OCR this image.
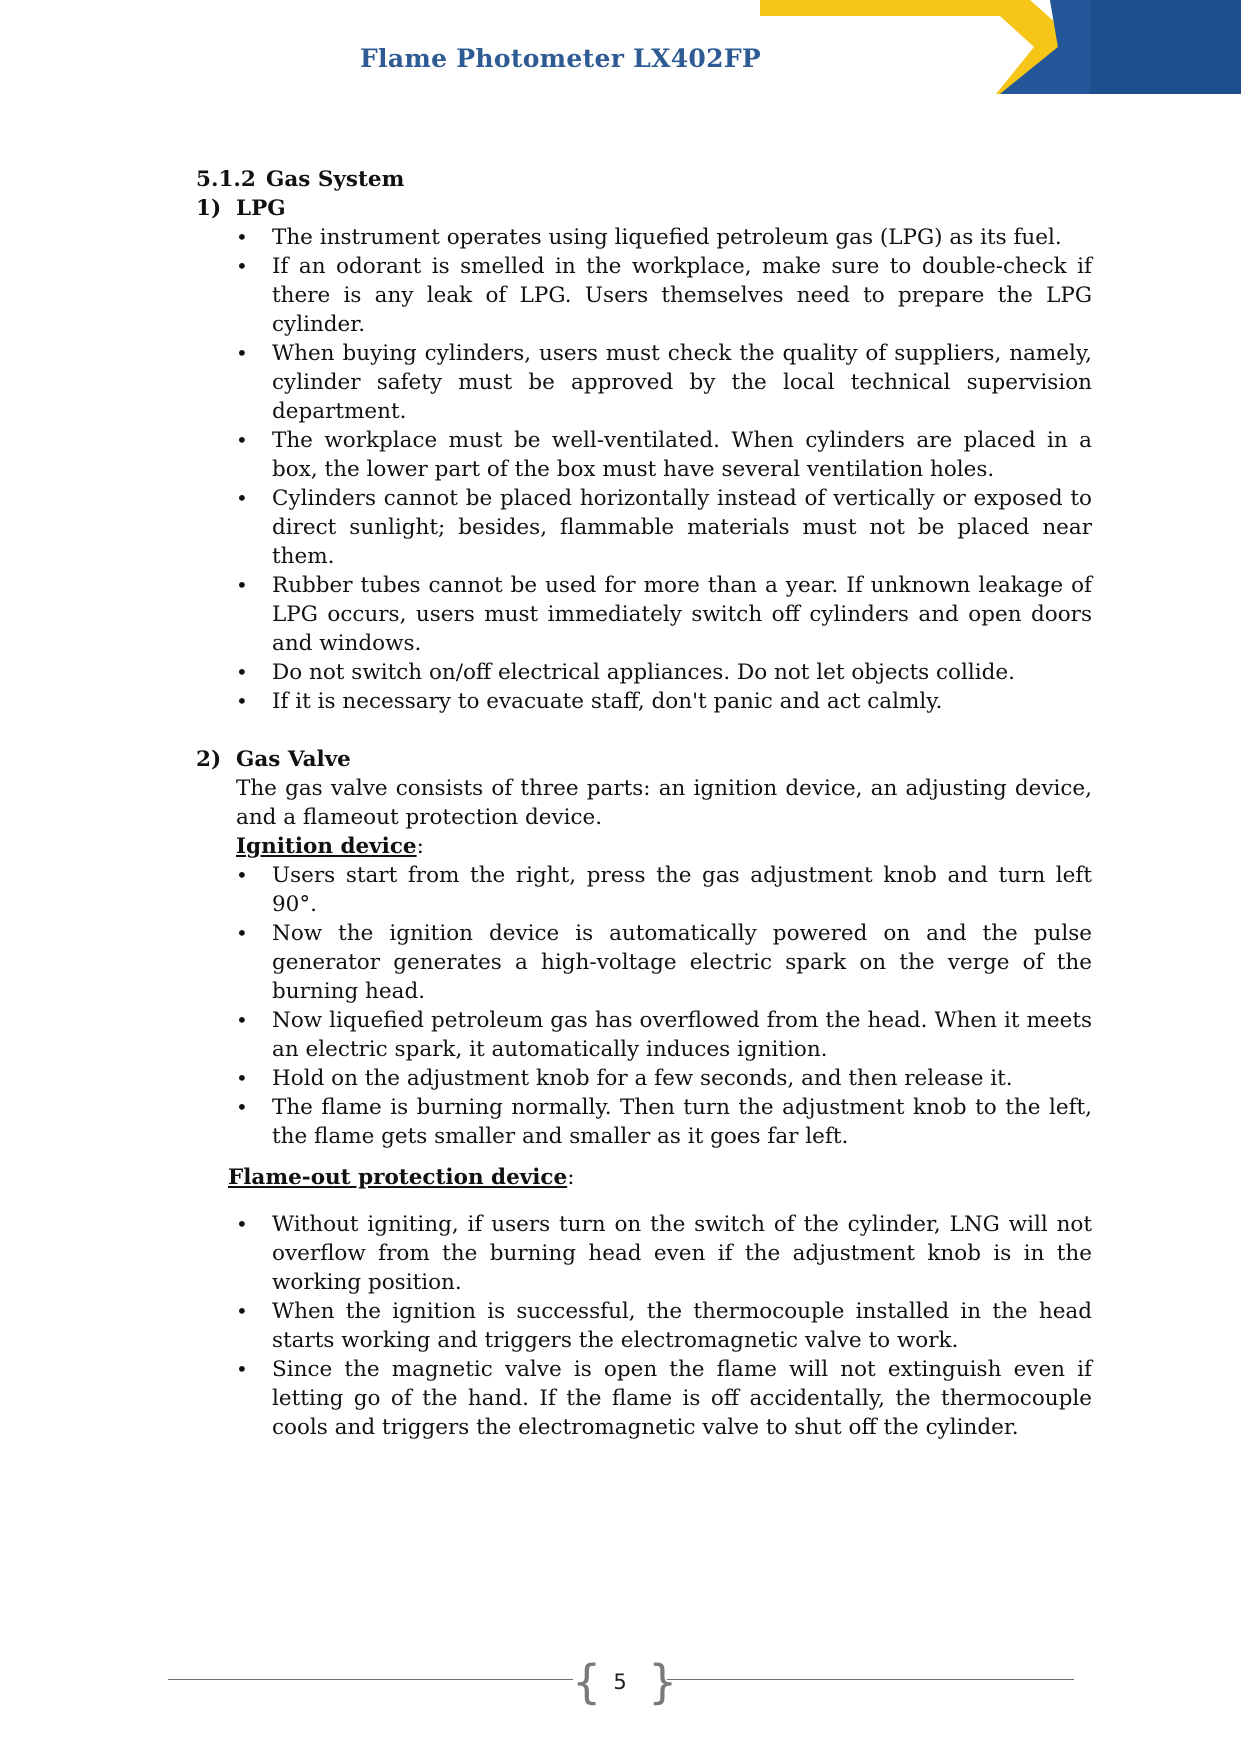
Flame Photometer LX402FP

5.1.2 Gas System

1) LPG

• The instrument operates using liquefied petroleum gas (LPG) as its fuel.
• If an odorant is smelled in the workplace, make sure to double-check if there is any leak of LPG. Users themselves need to prepare the LPG cylinder.
• When buying cylinders, users must check the quality of suppliers, namely, cylinder safety must be approved by the local technical supervision department.
• The workplace must be well-ventilated. When cylinders are placed in a box, the lower part of the box must have several ventilation holes.
• Cylinders cannot be placed horizontally instead of vertically or exposed to direct sunlight; besides, flammable materials must not be placed near them.
• Rubber tubes cannot be used for more than a year. If unknown leakage of LPG occurs, users must immediately switch off cylinders and open doors and windows.
• Do not switch on/off electrical appliances. Do not let objects collide.
• If it is necessary to evacuate staff, don't panic and act calmly.

2) Gas Valve

The gas valve consists of three parts: an ignition device, an adjusting device, and a flameout protection device.

Ignition device:

• Users start from the right, press the gas adjustment knob and turn left 90°.
• Now the ignition device is automatically powered on and the pulse generator generates a high-voltage electric spark on the verge of the burning head.
• Now liquefied petroleum gas has overflowed from the head. When it meets an electric spark, it automatically induces ignition.
• Hold on the adjustment knob for a few seconds, and then release it.
• The flame is burning normally. Then turn the adjustment knob to the left, the flame gets smaller and smaller as it goes far left.

Flame-out protection device:

• Without igniting, if users turn on the switch of the cylinder, LNG will not overflow from the burning head even if the adjustment knob is in the working position.
• When the ignition is successful, the thermocouple installed in the head starts working and triggers the electromagnetic valve to work.
• Since the magnetic valve is open the flame will not extinguish even if letting go of the hand. If the flame is off accidentally, the thermocouple cools and triggers the electromagnetic valve to shut off the cylinder.
{ }
5
